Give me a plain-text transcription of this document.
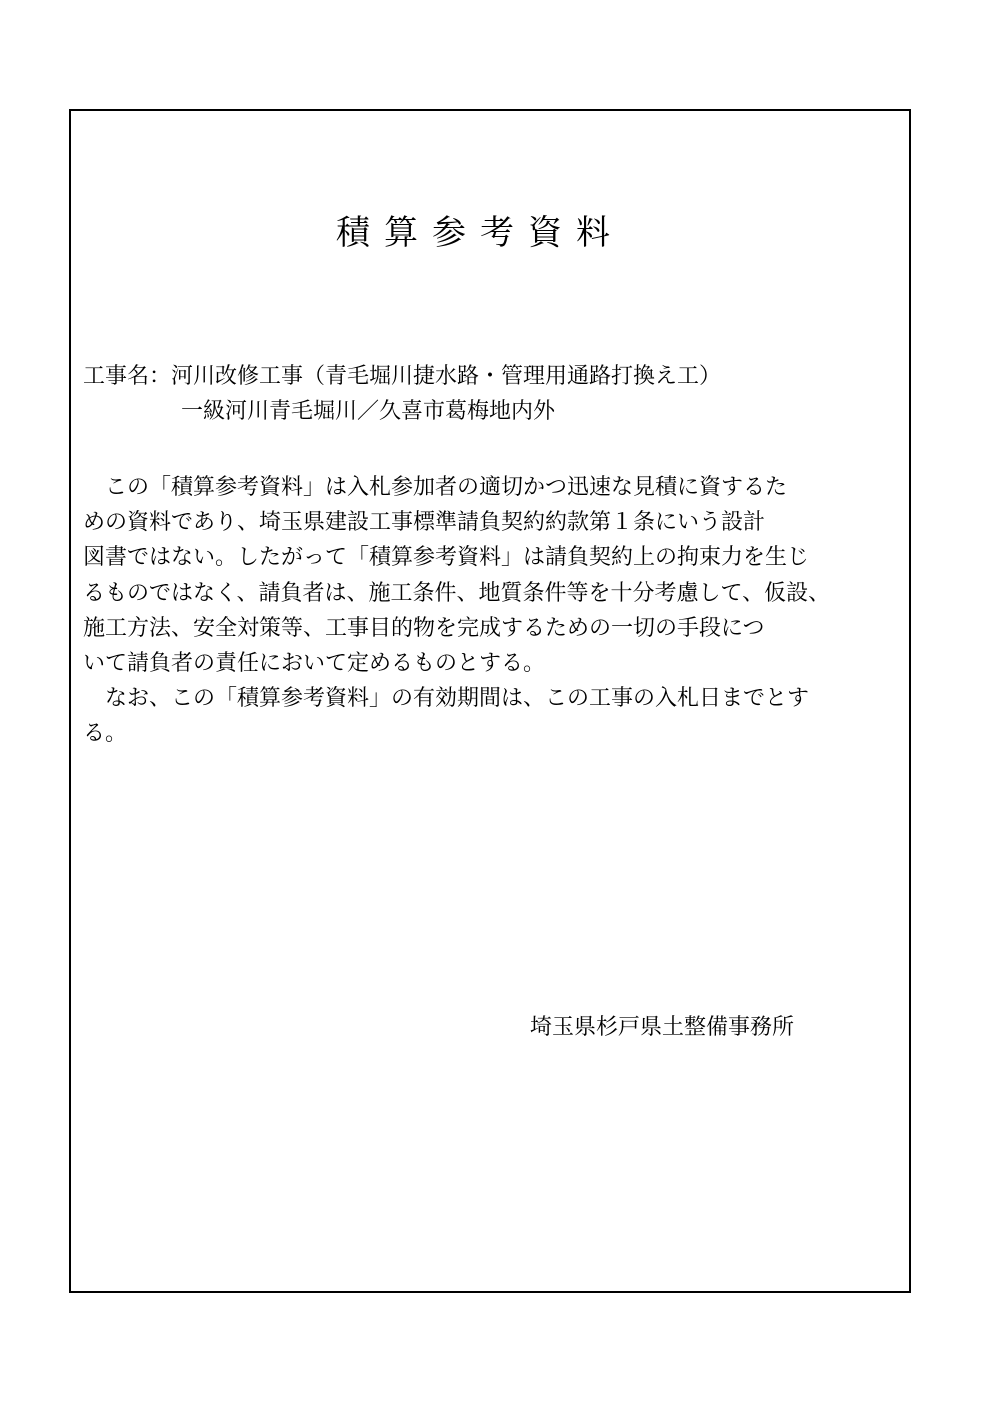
積算参考資料
工事名：河川改修工事（青毛堀川捷水路・管理用通路打換え工）
一級河川青毛堀川／久喜市葛梅地内外
　この「積算参考資料」は入札参加者の適切かつ迅速な見積に資するた
めの資料であり、埼玉県建設工事標準請負契約約款第１条にいう設計
図書ではない。したがって「積算参考資料」は請負契約上の拘束力を生じ
るものではなく、請負者は、施工条件、地質条件等を十分考慮して、仮設、
施工方法、安全対策等、工事目的物を完成するための一切の手段につ
いて請負者の責任において定めるものとする。
　なお、この「積算参考資料」の有効期間は、この工事の入札日までとす
る。
埼玉県杉戸県土整備事務所
